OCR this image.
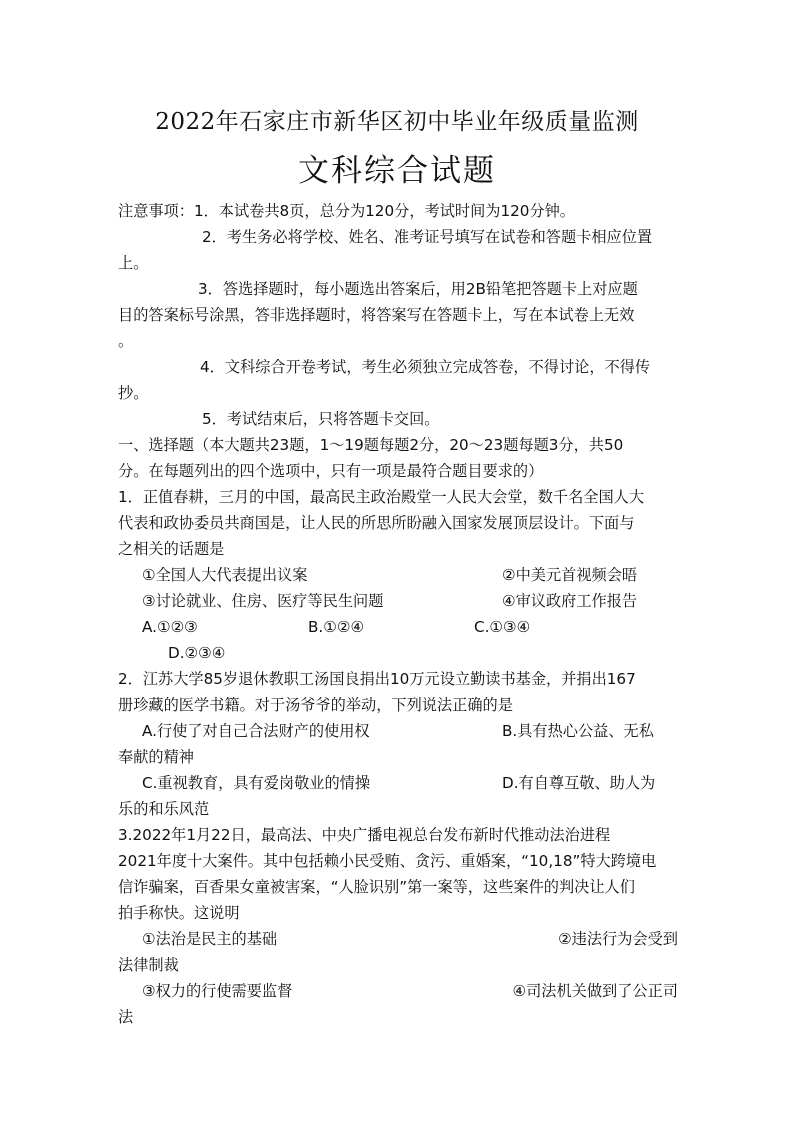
2022年石家庄市新华区初中毕业年级质量监测
文科综合试题

注意事项：1．本试卷共8页，总分为120分，考试时间为120分钟。

2．考生务必将学校、姓名、准考证号填写在试卷和答题卡相应位置

上。

3．答选择题时，每小题选出答案后，用2B铅笔把答题卡上对应题

目的答案标号涂黑，答非选择题时，将答案写在答题卡上，写在本试卷上无效

。

4．文科综合开卷考试，考生必须独立完成答卷，不得讨论，不得传

抄。

5．考试结束后，只将答题卡交回。

一、选择题（本大题共23题，1～19题每题2分，20～23题每题3分，共50

分。在每题列出的四个选项中，只有一项是最符合题目要求的）

1．正值春耕，三月的中国，最高民主政治殿堂一人民大会堂，数千名全国人大

代表和政协委员共商国是，让人民的所思所盼融入国家发展顶层设计。下面与

之相关的话题是

①全国人大代表提出议案	②中美元首视频会晤
③讨论就业、住房、医疗等民生问题	④审议政府工作报告
A.①②③	B.①②④	C.①③④

D.②③④

2．江苏大学85岁退休教职工汤国良捐出10万元设立勤读书基金，并捐出167

册珍藏的医学书籍。对于汤爷爷的举动，下列说法正确的是

A.行使了对自己合法财产的使用权	B.具有热心公益、无私

奉献的精神

C.重视教育，具有爱岗敬业的情操	D.有自尊互敬、助人为

乐的和乐风范

3.2022年1月22日，最高法、中央广播电视总台发布新时代推动法治进程

2021年度十大案件。其中包括赖小民受贿、贪污、重婚案，“10,18”特大跨境电

信诈骗案，百香果女童被害案，“人脸识别”第一案等，这些案件的判决让人们

拍手称快。这说明

①法治是民主的基础	②违法行为会受到

法律制裁

③权力的行使需要监督	④司法机关做到了公正司

法
